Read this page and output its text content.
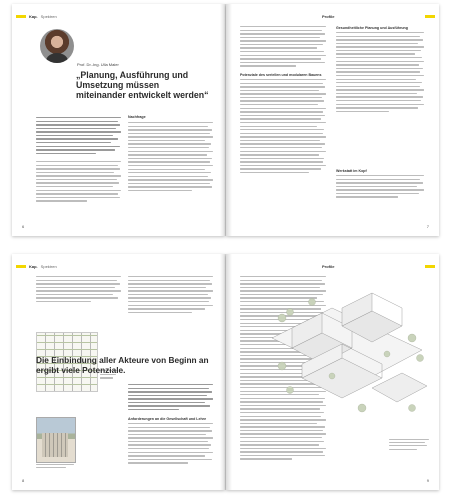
Kap. Spektren
Prof. Dr.-Ing. Ulla Maier
„Planung, Ausführung und Umsetzung müssen miteinander entwickelt werden“
Nachfrage
6
Profile
Potenziale des seriellen und modularen Bauens
Gesundheitliche Planung und Ausführung
Werkstatt im Kopf
7
Kap. Spektren
Die Einbindung aller Akteure von Beginn an ergibt viele Potenziale.
Anforderungen an die Gesellschaft und Lehre
8
Profile
9
